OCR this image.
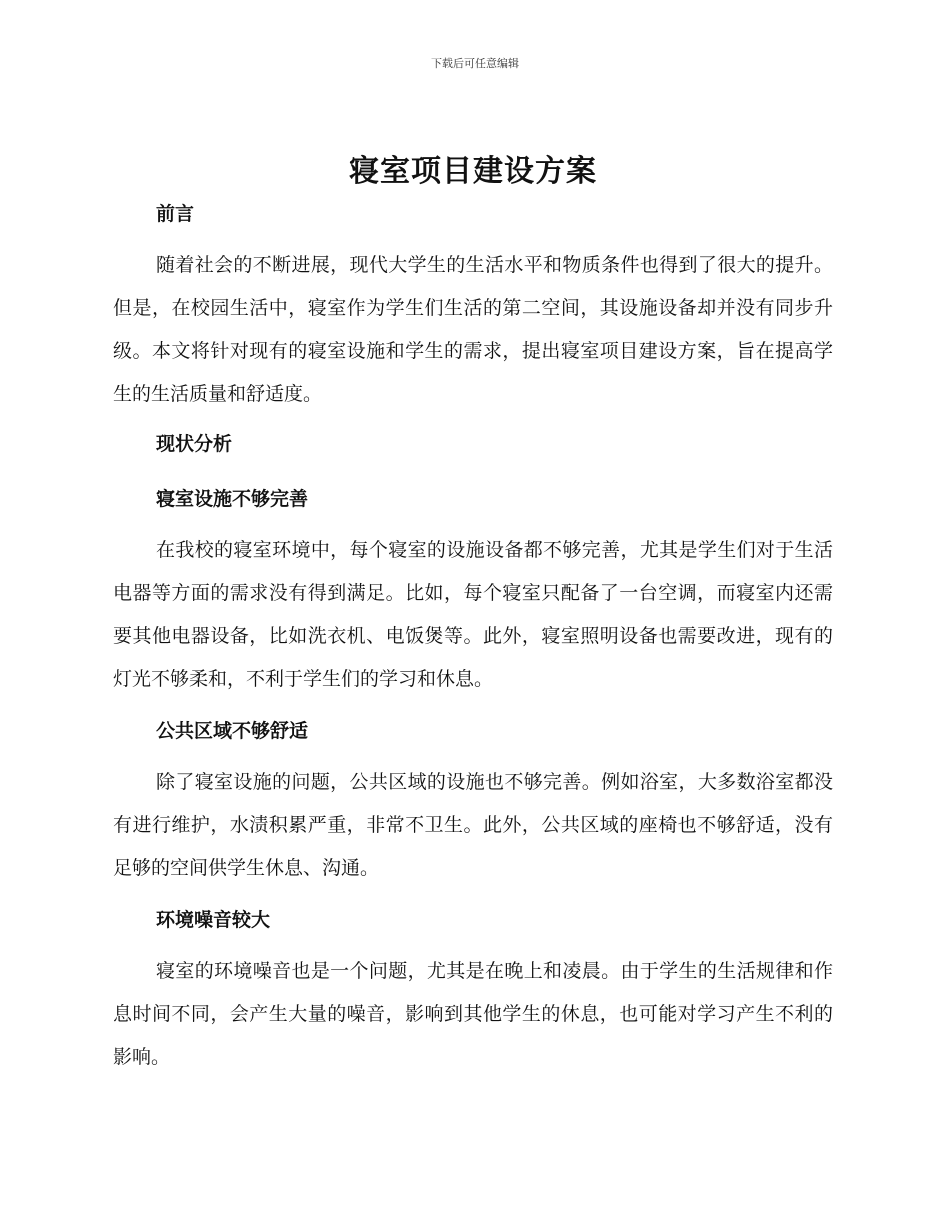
下载后可任意编辑
寝室项目建设方案
前言

随着社会的不断进展，现代大学生的生活水平和物质条件也得到了很大的提升。但是，在校园生活中，寝室作为学生们生活的第二空间，其设施设备却并没有同步升级。本文将针对现有的寝室设施和学生的需求，提出寝室项目建设方案，旨在提高学生的生活质量和舒适度。

现状分析
寝室设施不够完善

在我校的寝室环境中，每个寝室的设施设备都不够完善，尤其是学生们对于生活电器等方面的需求没有得到满足。比如，每个寝室只配备了一台空调，而寝室内还需要其他电器设备，比如洗衣机、电饭煲等。此外，寝室照明设备也需要改进，现有的灯光不够柔和，不利于学生们的学习和休息。

公共区域不够舒适

除了寝室设施的问题，公共区域的设施也不够完善。例如浴室，大多数浴室都没有进行维护，水渍积累严重，非常不卫生。此外，公共区域的座椅也不够舒适，没有足够的空间供学生休息、沟通。

环境噪音较大

寝室的环境噪音也是一个问题，尤其是在晚上和凌晨。由于学生的生活规律和作息时间不同，会产生大量的噪音，影响到其他学生的休息，也可能对学习产生不利的影响。
